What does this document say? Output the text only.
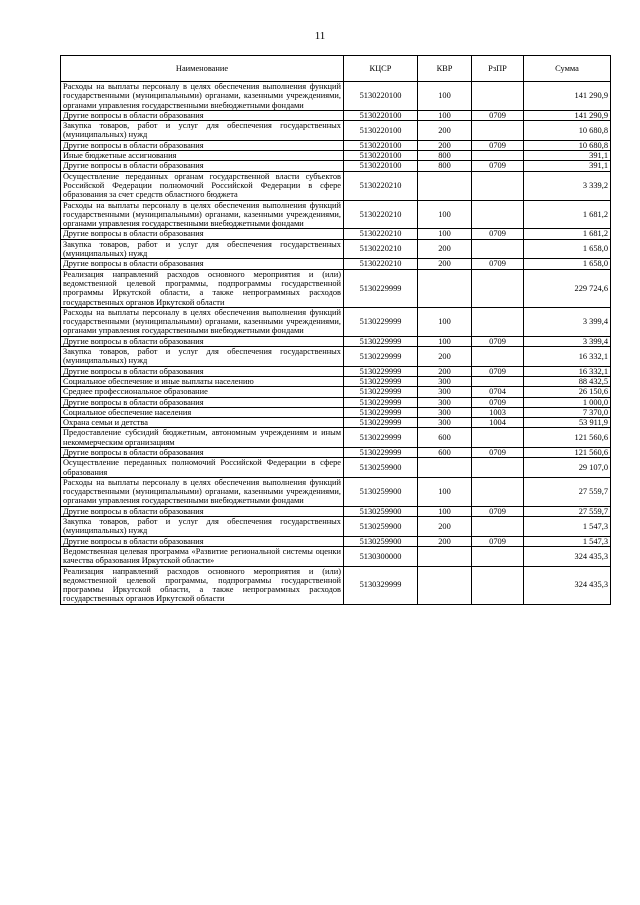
11
Наименование	КЦСР	КВР	РзПР	Сумма
Расходы на выплаты персоналу в целях обеспечения выполнения функций государственными (муниципальными) органами, казенными учреждениями, органами управления государственными внебюджетными фондами	5130220100	100		141 290,9
Другие вопросы в области образования	5130220100	100	0709	141 290,9
Закупка товаров, работ и услуг для обеспечения государственных (муниципальных) нужд	5130220100	200		10 680,8
Другие вопросы в области образования	5130220100	200	0709	10 680,8
Иные бюджетные ассигнования	5130220100	800		391,1
Другие вопросы в области образования	5130220100	800	0709	391,1
Осуществление переданных органам государственной власти субъектов Российской Федерации полномочий Российской Федерации в сфере образования за счет средств областного бюджета	5130220210			3 339,2
Расходы на выплаты персоналу в целях обеспечения выполнения функций государственными (муниципальными) органами, казенными учреждениями, органами управления государственными внебюджетными фондами	5130220210	100		1 681,2
Другие вопросы в области образования	5130220210	100	0709	1 681,2
Закупка товаров, работ и услуг для обеспечения государственных (муниципальных) нужд	5130220210	200		1 658,0
Другие вопросы в области образования	5130220210	200	0709	1 658,0
Реализация направлений расходов основного мероприятия и (или) ведомственной целевой программы, подпрограммы государственной программы Иркутской области, а также непрограммных расходов государственных органов Иркутской области	5130229999			229 724,6
Расходы на выплаты персоналу в целях обеспечения выполнения функций государственными (муниципальными) органами, казенными учреждениями, органами управления государственными внебюджетными фондами	5130229999	100		3 399,4
Другие вопросы в области образования	5130229999	100	0709	3 399,4
Закупка товаров, работ и услуг для обеспечения государственных (муниципальных) нужд	5130229999	200		16 332,1
Другие вопросы в области образования	5130229999	200	0709	16 332,1
Социальное обеспечение и иные выплаты населению	5130229999	300		88 432,5
Среднее профессиональное образование	5130229999	300	0704	26 150,6
Другие вопросы в области образования	5130229999	300	0709	1 000,0
Социальное обеспечение населения	5130229999	300	1003	7 370,0
Охрана семьи и детства	5130229999	300	1004	53 911,9
Предоставление субсидий бюджетным, автономным учреждениям и иным некоммерческим организациям	5130229999	600		121 560,6
Другие вопросы в области образования	5130229999	600	0709	121 560,6
Осуществление переданных полномочий Российской Федерации в сфере образования	5130259900			29 107,0
Расходы на выплаты персоналу в целях обеспечения выполнения функций государственными (муниципальными) органами, казенными учреждениями, органами управления государственными внебюджетными фондами	5130259900	100		27 559,7
Другие вопросы в области образования	5130259900	100	0709	27 559,7
Закупка товаров, работ и услуг для обеспечения государственных (муниципальных) нужд	5130259900	200		1 547,3
Другие вопросы в области образования	5130259900	200	0709	1 547,3
Ведомственная целевая программа «Развитие региональной системы оценки качества образования Иркутской области»	5130300000			324 435,3
Реализация направлений расходов основного мероприятия и (или) ведомственной целевой программы, подпрограммы государственной программы Иркутской области, а также непрограммных расходов государственных органов Иркутской области	5130329999			324 435,3
